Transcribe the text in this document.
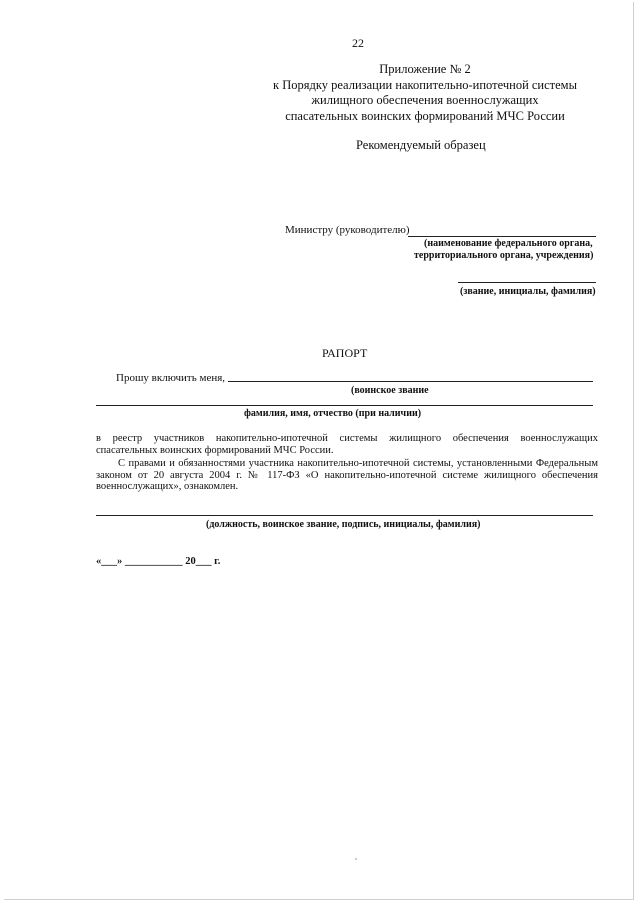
22
Приложение № 2
к Порядку реализации накопительно-ипотечной системы
жилищного обеспечения военнослужащих
спасательных воинских формирований МЧС России
Рекомендуемый образец
Министру (руководителю)
(наименование федерального органа,
территориального органа, учреждения)
(звание, инициалы, фамилия)
РАПОРТ
Прошу включить меня,
(воинское звание
фамилия, имя, отчество (при наличии)
в реестр участников накопительно-ипотечной системы жилищного обеспечения военнослужащих спасательных воинских формирований МЧС России.
С правами и обязанностями участника накопительно-ипотечной системы, установленными Федеральным законом от 20 августа 2004 г. № 117-ФЗ «О накопительно-ипотечной системе жилищного обеспечения военнослужащих», ознакомлен.
(должность, воинское звание, подпись, инициалы, фамилия)
«___» ___________ 20___ г.
